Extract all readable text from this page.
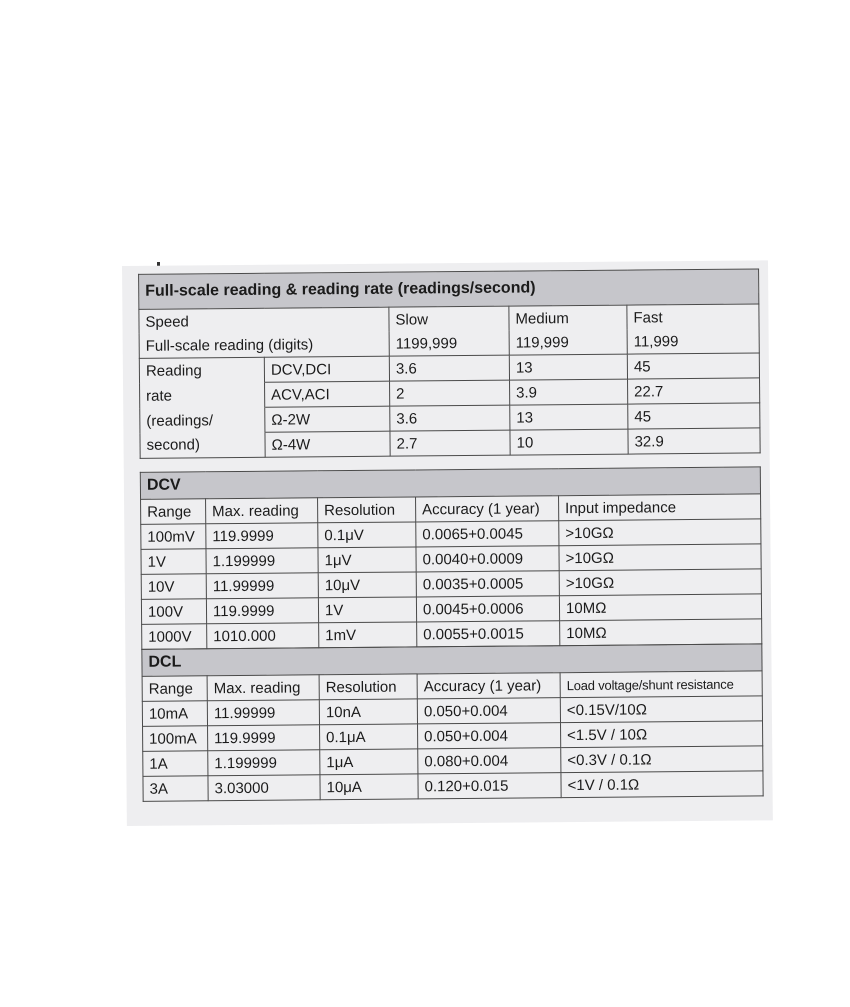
Full-scale reading & reading rate (readings/second)				
Speed		Slow	Medium	Fast
Full-scale reading (digits)		1199,999	119,999	11,999
Reading	DCV,DCI	3.6	13	45
rate	ACV,ACI	2	3.9	22.7
(readings/	Ω-2W	3.6	13	45
second)	Ω-4W	2.7	10	32.9
DCV				
Range	Max. reading	Resolution	Accuracy (1 year)	Input impedance
100mV	119.9999	0.1μV	0.0065+0.0045	>10GΩ
1V	1.199999	1μV	0.0040+0.0009	>10GΩ
10V	11.99999	10μV	0.0035+0.0005	>10GΩ
100V	119.9999	1V	0.0045+0.0006	10MΩ
1000V	1010.000	1mV	0.0055+0.0015	10MΩ
DCL				
Range	Max. reading	Resolution	Accuracy (1 year)	Load voltage/shunt resistance
10mA	11.99999	10nA	0.050+0.004	<0.15V/10Ω
100mA	119.9999	0.1μA	0.050+0.004	<1.5V / 10Ω
1A	1.199999	1μA	0.080+0.004	<0.3V / 0.1Ω
3A	3.03000	10μA	0.120+0.015	<1V / 0.1Ω
